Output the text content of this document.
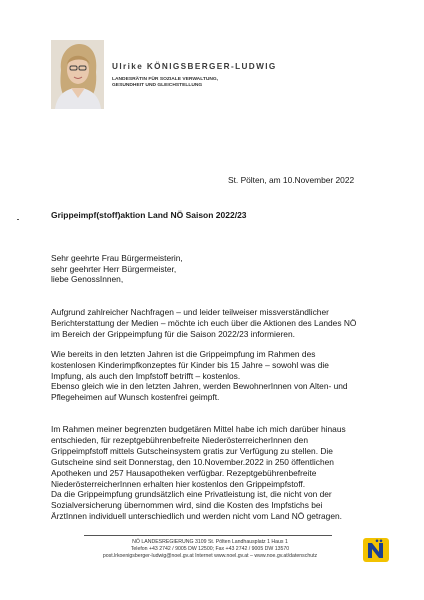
Ulrike KÖNIGSBERGER-LUDWIG
LANDESRÄTIN FÜR SOZIALE VERWALTUNG,
GESUNDHEIT UND GLEICHSTELLUNG
St. Pölten, am 10.November 2022
Grippeimpf(stoff)aktion Land NÖ Saison 2022/23
Sehr geehrte Frau Bürgermeisterin,
sehr geehrter Herr Bürgermeister,
liebe GenossInnen,
Aufgrund zahlreicher Nachfragen – und leider teilweiser missverständlicher
Berichterstattung der Medien – möchte ich euch über die Aktionen des Landes NÖ
im Bereich der Grippeimpfung für die Saison 2022/23 informieren.
Wie bereits in den letzten Jahren ist die Grippeimpfung im Rahmen des
kostenlosen Kinderimpfkonzeptes für Kinder bis 15 Jahre – sowohl was die
Impfung, als auch den Impfstoff betrifft – kostenlos.
Ebenso gleich wie in den letzten Jahren, werden BewohnerInnen von Alten- und
Pflegeheimen auf Wunsch kostenfrei geimpft.
Im Rahmen meiner begrenzten budgetären Mittel habe ich mich darüber hinaus
entschieden, für rezeptgebührenbefreite NiederösterreicherInnen den
Grippeimpfstoff mittels Gutscheinsystem gratis zur Verfügung zu stellen. Die
Gutscheine sind seit Donnerstag, den 10.November.2022 in 250 öffentlichen
Apotheken und 257 Hausapotheken verfügbar. Rezeptgebührenbefreite
NiederösterreicherInnen erhalten hier kostenlos den Grippeimpfstoff.
Da die Grippeimpfung grundsätzlich eine Privatleistung ist, die nicht von der
Sozialversicherung übernommen wird, sind die Kosten des Impfstichs bei
ÄrztInnen individuell unterschiedlich und werden nicht vom Land NÖ getragen.
NÖ LANDESREGIERUNG 3109 St. Pölten Landhausplatz 1 Haus 1
Telefon +43 2742 / 9005 DW 12500; Fax +43 2742 / 9005 DW 13570
post.lrkoenigsberger-ludwig@noel.gv.at Internet www.noel.gv.at – www.noe.gv.at/datenschutz
